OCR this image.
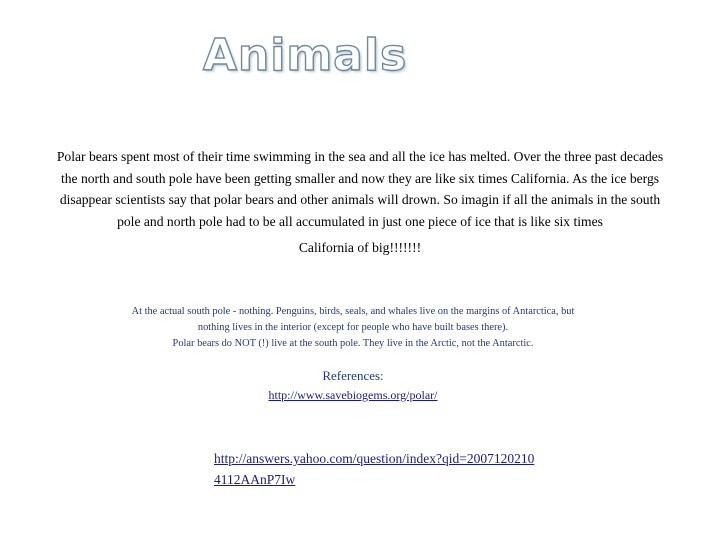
Animals
Polar bears spent most of their time swimming in the sea and all the ice has melted. Over the three past decades the north and south pole have been getting smaller and now they are like six times California. As the ice bergs disappear scientists say that polar bears and other animals will drown. So imagin if all the animals in the south pole and north pole had to be all accumulated in just one piece of ice that is like six times
California of big!!!!!!!
At the actual south pole - nothing. Penguins, birds, seals, and whales live on the margins of Antarctica, but
nothing lives in the interior (except for people who have built bases there).
Polar bears do NOT (!) live at the south pole. They live in the Arctic, not the Antarctic.
References:
http://www.savebiogems.org/polar/
http://answers.yahoo.com/question/index?qid=2007120210
4112AAnP7Iw
